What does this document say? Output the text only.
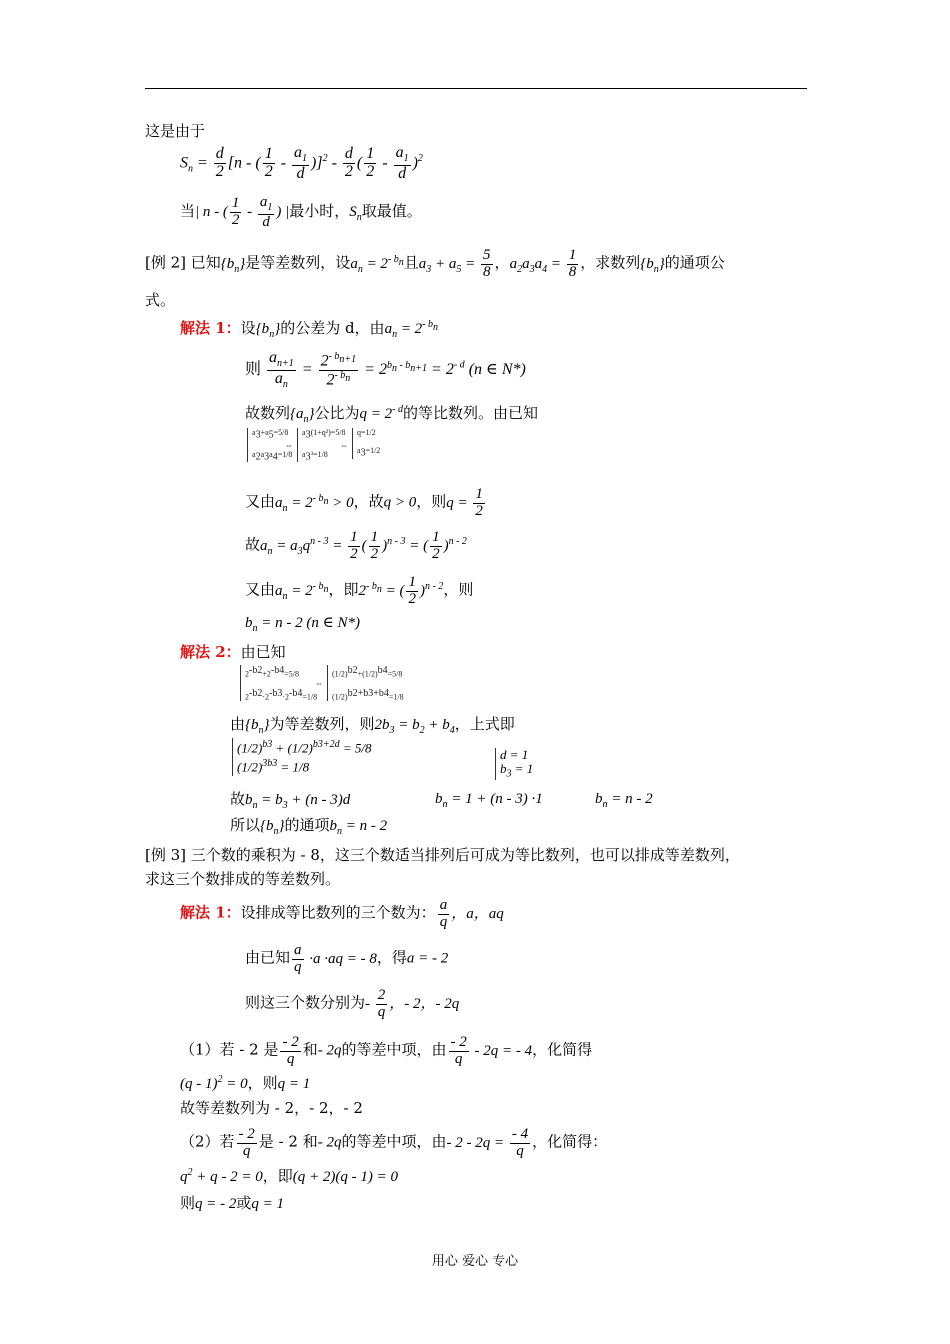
这是由于
$S_n = \frac{d}{2} [n$ - ( $\frac{1}{2} - \frac{a_1}{d} )]^2 - \frac{d}{2}$ ( $\frac{1}{2} - \frac{a_1}{d} )^2$
当| n - ( $\frac{1}{2} - \frac{a_1}{d}$ ) |最小时，$S_n$取最值。
[例 2] 已知$\{b_n\}$是等差数列，设$a_n = 2^{- b_n}$且$a_3 + a_5 = \frac{5}{8}$ ，$a_2a_3a_4 = \frac{1}{8}$ ，求数列$\{b_n\}$的通项公
式。
解法 1：设$\{b_n\}$的公差为 d，由$a_n = 2^{- b_n}$
则 $\frac{a_{n+1}}{a_n} = \frac{2^{- b_{n+1}}}{2^{- b_n}} = 2^{b_n - b_{n+1}} = 2^{- d}$ (n ∈ N*)
故数列$\{a_n\}$公比为$q = 2^{- d}$的等比数列。由已知
$a_3+a_5=5/8$

$a_2a_3a_4=1/8$
⇔
$a_3(1+q^2)=5/8$

$a_3^3=1/8$
⇔
q=1/2

$a_3=1/2$
又由$a_n = 2^{- b_n} > 0$，故q > 0，则$q = \frac{1}{2}$
故$a_n = a_3q^{n - 3} = \frac{1}{2}$ ( $\frac{1}{2} )^{n - 3}$ = ( $\frac{1}{2} )^{n - 2}$
又由$a_n = 2^{- b_n}$，即$2^{- b_n}$ = ( $\frac{1}{2} )^{n - 2}$，则
$b_n = n - 2$ (n ∈ N*)
解法 2：由已知
$2^{-b2}+2^{-b4}=5/8$

$2^{-b2}\cdot 2^{-b3}\cdot 2^{-b4}=1/8$
⇔
$(1/2)^{b2}+(1/2)^{b4}=5/8$

$(1/2)^{b2+b3+b4}=1/8$
由$\{b_n\}$为等差数列，则$2b_3 = b_2 + b_4$，上式即
$(1/2)^{b3} + (1/2)^{b3+2d} = 5/8$
$(1/2)^{3b3} = 1/8$
d = 1
$b_3 = 1$
故$b_n = b_3 + (n - 3)d$	$b_n = 1 + (n - 3) \cdot 1$	$b_n = n - 2$
所以$\{b_n\}$的通项$b_n = n - 2$
[例 3] 三个数的乘积为 - 8，这三个数适当排列后可成为等比数列，也可以排成等差数列，
求这三个数排成的等差数列。
解法 1：设排成等比数列的三个数为： $\frac{a}{q}$ ，a，aq
由已知 $\frac{a}{q} \cdot a \cdot aq$ = - 8，得a = - 2
则这三个数分别为- $\frac{2}{q}$ ，- 2，- 2q
（1）若 - 2 是 $\frac{- 2}{q}$ 和- 2q的等差中项，由 $\frac{- 2}{q} - 2q$ = - 4，化简得
(q - 1)$^2$ = 0，则q = 1
故等差数列为 - 2，- 2，- 2
（2）若 $\frac{- 2}{q}$ 是 - 2 和- 2q的等差中项，由- $2 - 2q = \frac{- 4}{q}$ ，化简得：
$q^2 + q - 2 = 0$，即(q + 2)(q - 1) = 0
则q = - 2或q = 1
用心 爱心 专心
